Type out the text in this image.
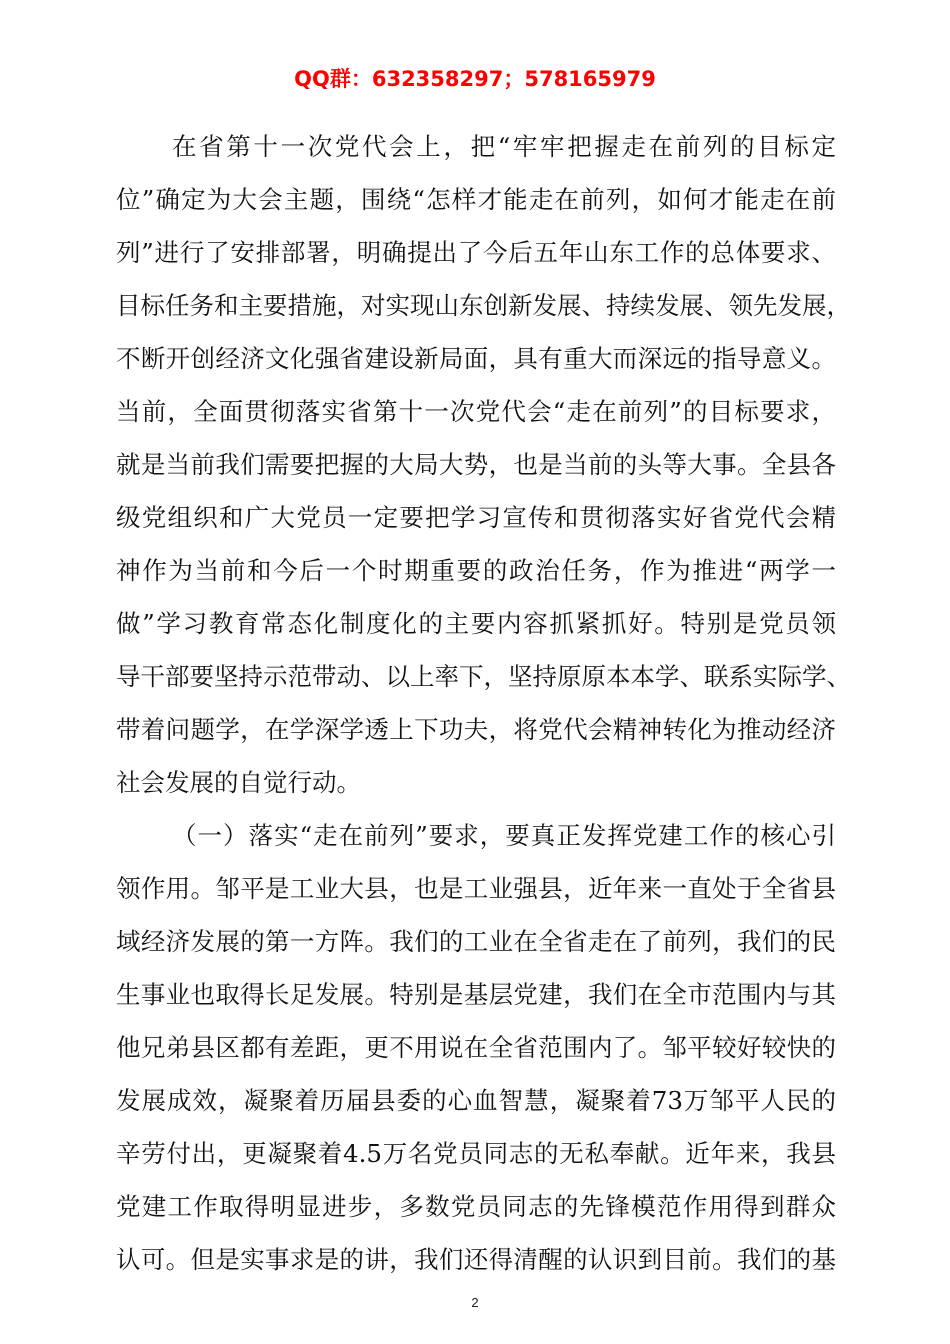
QQ群：632358297；578165979
在省第十一次党代会上，把“牢牢把握走在前列的目标定
位”确定为大会主题，围绕“怎样才能走在前列，如何才能走在前
列”进行了安排部署，明确提出了今后五年山东工作的总体要求、
目标任务和主要措施，对实现山东创新发展、持续发展、领先发展，
不断开创经济文化强省建设新局面，具有重大而深远的指导意义。
当前，全面贯彻落实省第十一次党代会“走在前列”的目标要求，
就是当前我们需要把握的大局大势，也是当前的头等大事。全县各
级党组织和广大党员一定要把学习宣传和贯彻落实好省党代会精
神作为当前和今后一个时期重要的政治任务，作为推进“两学一
做”学习教育常态化制度化的主要内容抓紧抓好。特别是党员领
导干部要坚持示范带动、以上率下，坚持原原本本学、联系实际学、
带着问题学，在学深学透上下功夫，将党代会精神转化为推动经济
社会发展的自觉行动。
（一）落实“走在前列”要求，要真正发挥党建工作的核心引
领作用。邹平是工业大县，也是工业强县，近年来一直处于全省县
域经济发展的第一方阵。我们的工业在全省走在了前列，我们的民
生事业也取得长足发展。特别是基层党建，我们在全市范围内与其
他兄弟县区都有差距，更不用说在全省范围内了。邹平较好较快的
发展成效，凝聚着历届县委的心血智慧，凝聚着73万邹平人民的
辛劳付出，更凝聚着4.5万名党员同志的无私奉献。近年来，我县
党建工作取得明显进步，多数党员同志的先锋模范作用得到群众
认可。但是实事求是的讲，我们还得清醒的认识到目前。我们的基
2
